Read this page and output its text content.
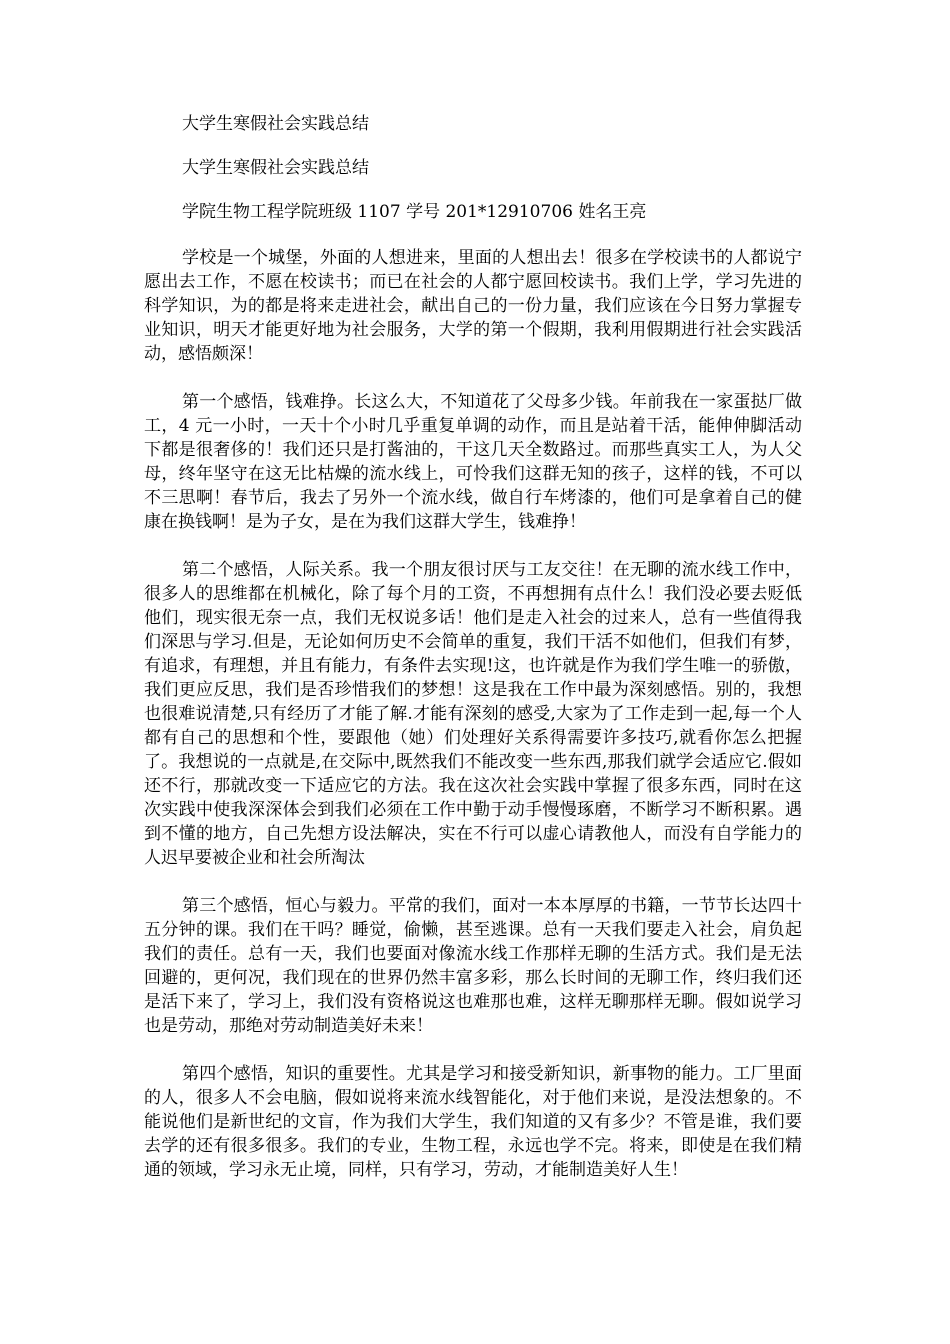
大学生寒假社会实践总结

大学生寒假社会实践总结

学院生物工程学院班级 1107 学号 201*12910706 姓名王亮

学校是一个城堡，外面的人想进来，里面的人想出去！很多在学校读书的人都说宁愿出去工作，不愿在校读书；而已在社会的人都宁愿回校读书。我们上学，学习先进的科学知识，为的都是将来走进社会，献出自己的一份力量，我们应该在今日努力掌握专业知识，明天才能更好地为社会服务，大学的第一个假期，我利用假期进行社会实践活动，感悟颇深！

第一个感悟，钱难挣。长这么大，不知道花了父母多少钱。年前我在一家蛋挞厂做工，4 元一小时，一天十个小时几乎重复单调的动作，而且是站着干活，能伸伸脚活动下都是很奢侈的！我们还只是打酱油的，干这几天全数路过。而那些真实工人，为人父母，终年坚守在这无比枯燥的流水线上，可怜我们这群无知的孩子，这样的钱，不可以不三思啊！春节后，我去了另外一个流水线，做自行车烤漆的，他们可是拿着自己的健康在换钱啊！是为子女，是在为我们这群大学生，钱难挣！

第二个感悟，人际关系。我一个朋友很讨厌与工友交往！在无聊的流水线工作中，很多人的思维都在机械化，除了每个月的工资，不再想拥有点什么！我们没必要去贬低他们，现实很无奈一点，我们无权说多话！他们是走入社会的过来人，总有一些值得我们深思与学习.但是，无论如何历史不会简单的重复，我们干活不如他们，但我们有梦，有追求，有理想，并且有能力，有条件去实现!这，也许就是作为我们学生唯一的骄傲，我们更应反思，我们是否珍惜我们的梦想！这是我在工作中最为深刻感悟。别的，我想也很难说清楚,只有经历了才能了解.才能有深刻的感受,大家为了工作走到一起,每一个人都有自己的思想和个性，要跟他（她）们处理好关系得需要许多技巧,就看你怎么把握了。我想说的一点就是,在交际中,既然我们不能改变一些东西,那我们就学会适应它.假如还不行，那就改变一下适应它的方法。我在这次社会实践中掌握了很多东西，同时在这次实践中使我深深体会到我们必须在工作中勤于动手慢慢琢磨，不断学习不断积累。遇到不懂的地方，自己先想方设法解决，实在不行可以虚心请教他人，而没有自学能力的人迟早要被企业和社会所淘汰

第三个感悟，恒心与毅力。平常的我们，面对一本本厚厚的书籍，一节节长达四十五分钟的课。我们在干吗？睡觉，偷懒，甚至逃课。总有一天我们要走入社会，肩负起我们的责任。总有一天，我们也要面对像流水线工作那样无聊的生活方式。我们是无法回避的，更何况，我们现在的世界仍然丰富多彩，那么长时间的无聊工作，终归我们还是活下来了，学习上，我们没有资格说这也难那也难，这样无聊那样无聊。假如说学习也是劳动，那绝对劳动制造美好未来！

第四个感悟，知识的重要性。尤其是学习和接受新知识，新事物的能力。工厂里面的人，很多人不会电脑，假如说将来流水线智能化，对于他们来说，是没法想象的。不能说他们是新世纪的文盲，作为我们大学生，我们知道的又有多少？不管是谁，我们要去学的还有很多很多。我们的专业，生物工程，永远也学不完。将来，即使是在我们精通的领域，学习永无止境，同样，只有学习，劳动，才能制造美好人生！
